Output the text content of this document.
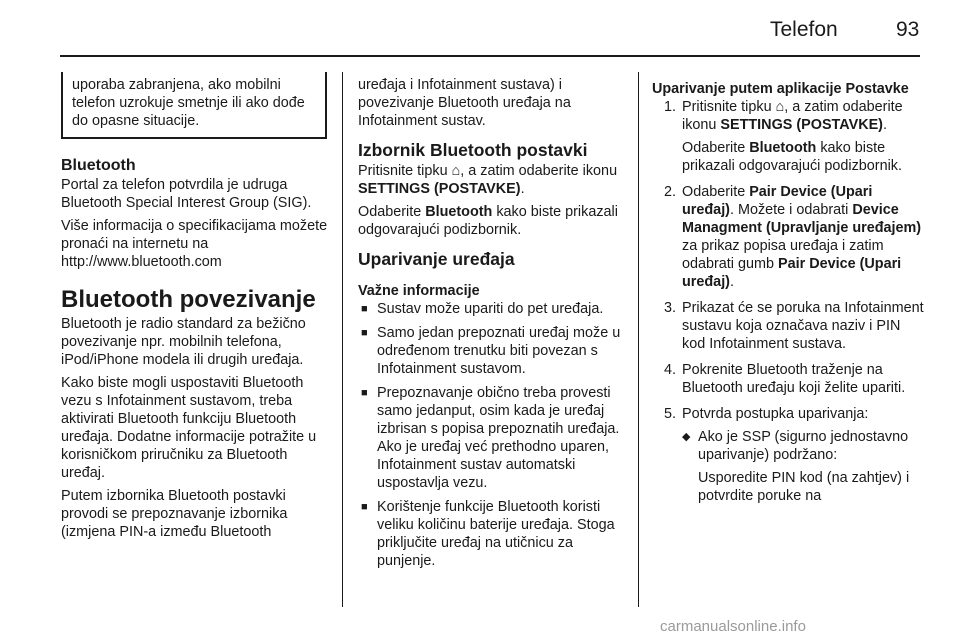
Telefon	93
uporaba zabranjena, ako mobilni telefon uzrokuje smetnje ili ako dođe do opasne situacije.
Bluetooth

Portal za telefon potvrdila je udruga Bluetooth Special Interest Group (SIG).

Više informacija o specifikacijama možete pronaći na internetu na http://www.bluetooth.com

Bluetooth povezivanje

Bluetooth je radio standard za bežično povezivanje npr. mobilnih telefona, iPod/iPhone modela ili drugih uređaja.

Kako biste mogli uspostaviti Bluetooth vezu s Infotainment sustavom, treba aktivirati Bluetooth funkciju Bluetooth uređaja. Dodatne informacije potražite u korisničkom priručniku za Bluetooth uređaj.

Putem izbornika Bluetooth postavki provodi se prepoznavanje izbornika (izmjena PIN-a između Bluetooth

uređaja i Infotainment sustava) i povezivanje Bluetooth uređaja na Infotainment sustav.

Izbornik Bluetooth postavki

Pritisnite tipku ⌂, a zatim odaberite ikonu SETTINGS (POSTAVKE).

Odaberite Bluetooth kako biste prikazali odgovarajući podizbornik.

Uparivanje uređaja
Važne informacije
■ Sustav može upariti do pet uređaja.
■ Samo jedan prepoznati uređaj može u određenom trenutku biti povezan s Infotainment sustavom.
■ Prepoznavanje obično treba provesti samo jedanput, osim kada je uređaj izbrisan s popisa prepoznatih uređaja. Ako je uređaj već prethodno uparen, Infotainment sustav automatski uspostavlja vezu.
■ Korištenje funkcije Bluetooth koristi veliku količinu baterije uređaja. Stoga priključite uređaj na utičnicu za punjenje.
Uparivanje putem aplikacije Postavke
1. Pritisnite tipku ⌂, a zatim odaberite ikonu SETTINGS (POSTAVKE).

Odaberite Bluetooth kako biste prikazali odgovarajući podizbornik.

2. Odaberite Pair Device (Upari uređaj). Možete i odabrati Device Managment (Upravljanje uređajem) za prikaz popisa uređaja i zatim odabrati gumb Pair Device (Upari uređaj).

3. Prikazat će se poruka na Infotainment sustavu koja označava naziv i PIN kod Infotainment sustava.

4. Pokrenite Bluetooth traženje na Bluetooth uređaju koji želite upariti.

5. Potvrda postupka uparivanja:

◆ Ako je SSP (sigurno jednostavno uparivanje) podržano:

Usporedite PIN kod (na zahtjev) i potvrdite poruke na

carmanualsonline.info
